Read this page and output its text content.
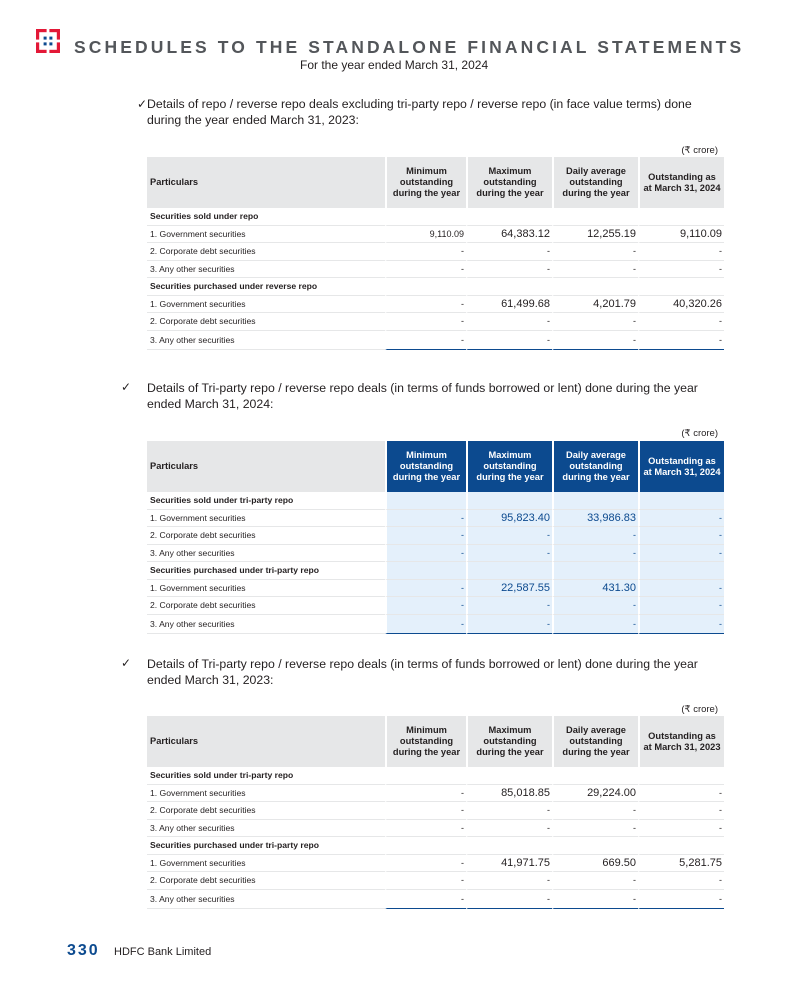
SCHEDULES TO THE STANDALONE FINANCIAL STATEMENTS
For the year ended March 31, 2024
✓ Details of repo / reverse repo deals excluding tri-party repo / reverse repo (in face value terms) done during the year ended March 31, 2023:
(₹ crore)
Particulars	Minimum outstanding during the year	Maximum outstanding during the year	Daily average outstanding during the year	Outstanding as at March 31, 2024
Securities sold under repo				
1. Government securities	9,110.09	64,383.12	12,255.19	9,110.09
2. Corporate debt securities	-	-	-	-
3. Any other securities	-	-	-	-
Securities purchased under reverse repo				
1. Government securities	-	61,499.68	4,201.79	40,320.26
2. Corporate debt securities	-	-	-	-
3. Any other securities	-	-	-	-
✓ Details of Tri-party repo / reverse repo deals (in terms of funds borrowed or lent) done during the year ended March 31, 2024:
(₹ crore)
Particulars	Minimum outstanding during the year	Maximum outstanding during the year	Daily average outstanding during the year	Outstanding as at March 31, 2024
Securities sold under tri-party repo				
1. Government securities	-	95,823.40	33,986.83	-
2. Corporate debt securities	-	-	-	-
3. Any other securities	-	-	-	-
Securities purchased under tri-party repo				
1. Government securities	-	22,587.55	431.30	-
2. Corporate debt securities	-	-	-	-
3. Any other securities	-	-	-	-
✓ Details of Tri-party repo / reverse repo deals (in terms of funds borrowed or lent) done during the year ended March 31, 2023:
(₹ crore)
Particulars	Minimum outstanding during the year	Maximum outstanding during the year	Daily average outstanding during the year	Outstanding as at March 31, 2023
Securities sold under tri-party repo				
1. Government securities	-	85,018.85	29,224.00	-
2. Corporate debt securities	-	-	-	-
3. Any other securities	-	-	-	-
Securities purchased under tri-party repo				
1. Government securities	-	41,971.75	669.50	5,281.75
2. Corporate debt securities	-	-	-	-
3. Any other securities	-	-	-	-
330 HDFC Bank Limited
